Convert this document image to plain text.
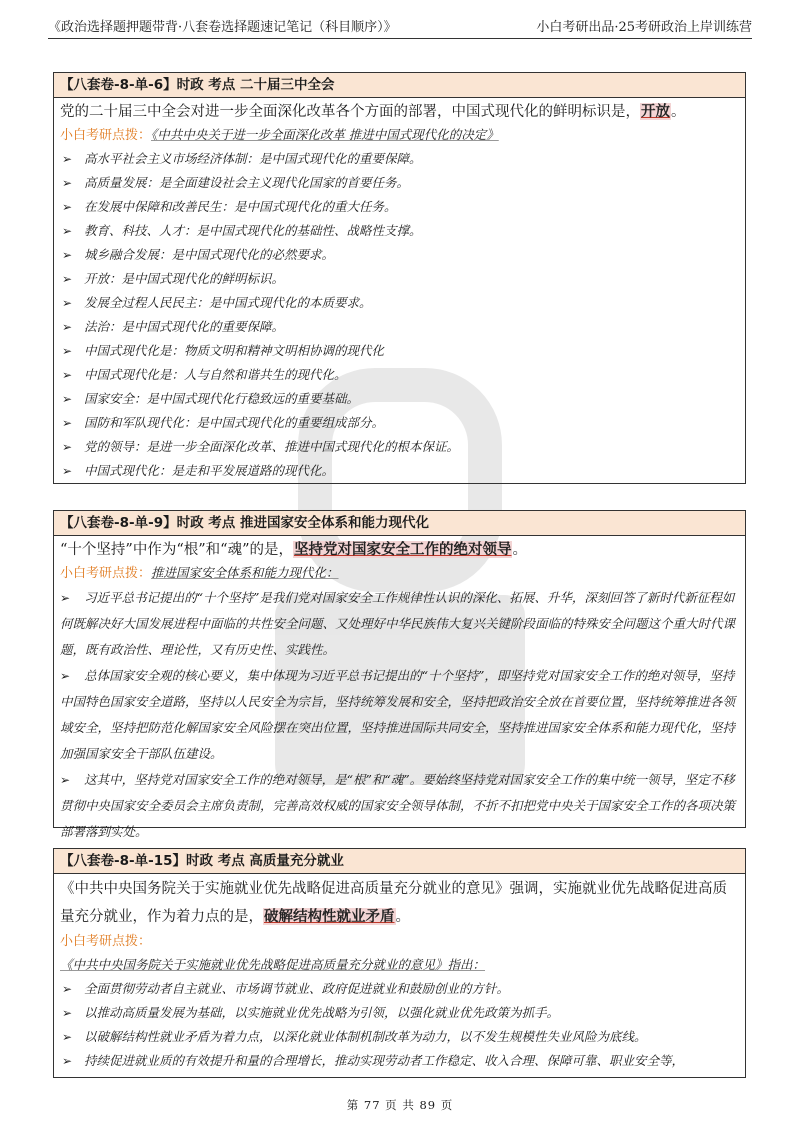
《政治选择题押题带背·八套卷选择题速记笔记（科目顺序）》	小白考研出品·25考研政治上岸训练营
【八套卷-8-单-6】时政 考点 二十届三中全会

党的二十届三中全会对进一步全面深化改革各个方面的部署，中国式现代化的鲜明标识是，开放。

小白考研点拨：《中共中央关于进一步全面深化改革 推进中国式现代化的决定》
➢ 高水平社会主义市场经济体制：是中国式现代化的重要保障。
➢ 高质量发展：是全面建设社会主义现代化国家的首要任务。
➢ 在发展中保障和改善民生：是中国式现代化的重大任务。
➢ 教育、科技、人才：是中国式现代化的基础性、战略性支撑。
➢ 城乡融合发展：是中国式现代化的必然要求。
➢ 开放：是中国式现代化的鲜明标识。
➢ 发展全过程人民民主：是中国式现代化的本质要求。
➢ 法治：是中国式现代化的重要保障。
➢ 中国式现代化是：物质文明和精神文明相协调的现代化
➢ 中国式现代化是：人与自然和谐共生的现代化。
➢ 国家安全：是中国式现代化行稳致远的重要基础。
➢ 国防和军队现代化：是中国式现代化的重要组成部分。
➢ 党的领导：是进一步全面深化改革、推进中国式现代化的根本保证。
➢ 中国式现代化：是走和平发展道路的现代化。
【八套卷-8-单-9】时政 考点 推进国家安全体系和能力现代化

“十个坚持”中作为“根”和“魂”的是，坚持党对国家安全工作的绝对领导。

小白考研点拨：推进国家安全体系和能力现代化：
➢ 习近平总书记提出的“十个坚持”是我们党对国家安全工作规律性认识的深化、拓展、升华，深刻回答了新时代新征程如何既解决好大国发展进程中面临的共性安全问题、又处理好中华民族伟大复兴关键阶段面临的特殊安全问题这个重大时代课题，既有政治性、理论性，又有历史性、实践性。
➢ 总体国家安全观的核心要义，集中体现为习近平总书记提出的“十个坚持”，即坚持党对国家安全工作的绝对领导，坚持中国特色国家安全道路，坚持以人民安全为宗旨，坚持统筹发展和安全，坚持把政治安全放在首要位置，坚持统筹推进各领域安全，坚持把防范化解国家安全风险摆在突出位置，坚持推进国际共同安全，坚持推进国家安全体系和能力现代化，坚持加强国家安全干部队伍建设。
➢ 这其中，坚持党对国家安全工作的绝对领导，是“根”和“魂”。要始终坚持党对国家安全工作的集中统一领导，坚定不移贯彻中央国家安全委员会主席负责制，完善高效权威的国家安全领导体制，不折不扣把党中央关于国家安全工作的各项决策部署落到实处。
【八套卷-8-单-15】时政 考点 高质量充分就业

《中共中央国务院关于实施就业优先战略促进高质量充分就业的意见》强调，实施就业优先战略促进高质量充分就业，作为着力点的是，破解结构性就业矛盾。

小白考研点拨：
《中共中央国务院关于实施就业优先战略促进高质量充分就业的意见》指出：
➢ 全面贯彻劳动者自主就业、市场调节就业、政府促进就业和鼓励创业的方针。
➢ 以推动高质量发展为基础，以实施就业优先战略为引领，以强化就业优先政策为抓手。
➢ 以破解结构性就业矛盾为着力点，以深化就业体制机制改革为动力，以不发生规模性失业风险为底线。
➢ 持续促进就业质的有效提升和量的合理增长，推动实现劳动者工作稳定、收入合理、保障可靠、职业安全等，
第 77 页 共 89 页
